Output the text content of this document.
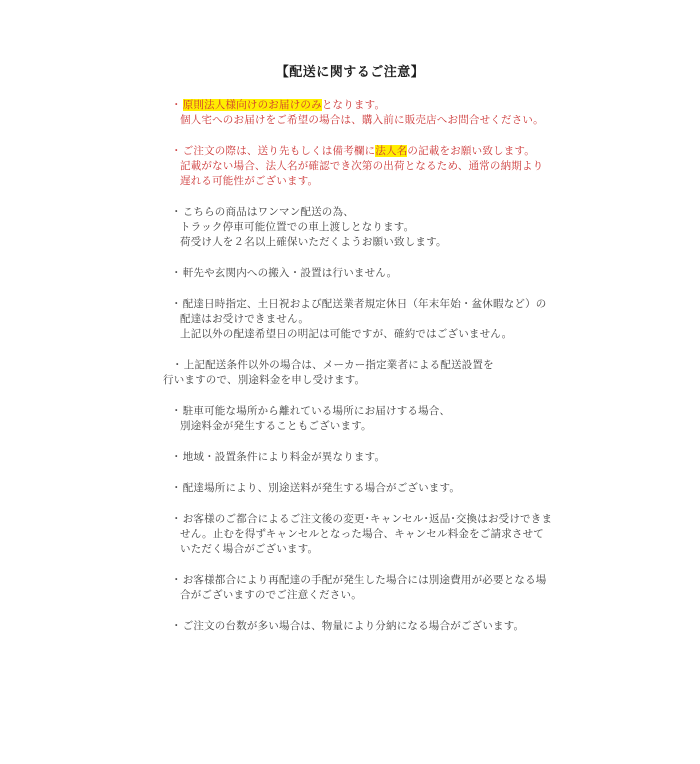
【配送に関するご注意】
・原則法人様向けのお届けのみとなります。
個人宅へのお届けをご希望の場合は、購入前に販売店へお問合せください。
・ご注文の際は、送り先もしくは備考欄に法人名の記載をお願い致します。
記載がない場合、法人名が確認でき次第の出荷となるため、通常の納期より
遅れる可能性がございます。
・こちらの商品はワンマン配送の為、
トラック停車可能位置での車上渡しとなります。
荷受け人を２名以上確保いただくようお願い致します。
・軒先や玄関内への搬入・設置は行いません。
・配達日時指定、土日祝および配送業者規定休日（年末年始・盆休暇など）の
配達はお受けできません。
上記以外の配達希望日の明記は可能ですが、確約ではございません。
・上記配送条件以外の場合は、メーカー指定業者による配送設置を
行いますので、別途料金を申し受けます。
・駐車可能な場所から離れている場所にお届けする場合、
別途料金が発生することもございます。
・地域・設置条件により料金が異なります。
・配達場所により、別途送料が発生する場合がございます。
・お客様のご都合によるご注文後の変更･キャンセル･返品･交換はお受けできま
せん。止むを得ずキャンセルとなった場合、キャンセル料金をご請求させて
いただく場合がございます。
・お客様都合により再配達の手配が発生した場合には別途費用が必要となる場
合がございますのでご注意ください。
・ご注文の台数が多い場合は、物量により分納になる場合がございます。
